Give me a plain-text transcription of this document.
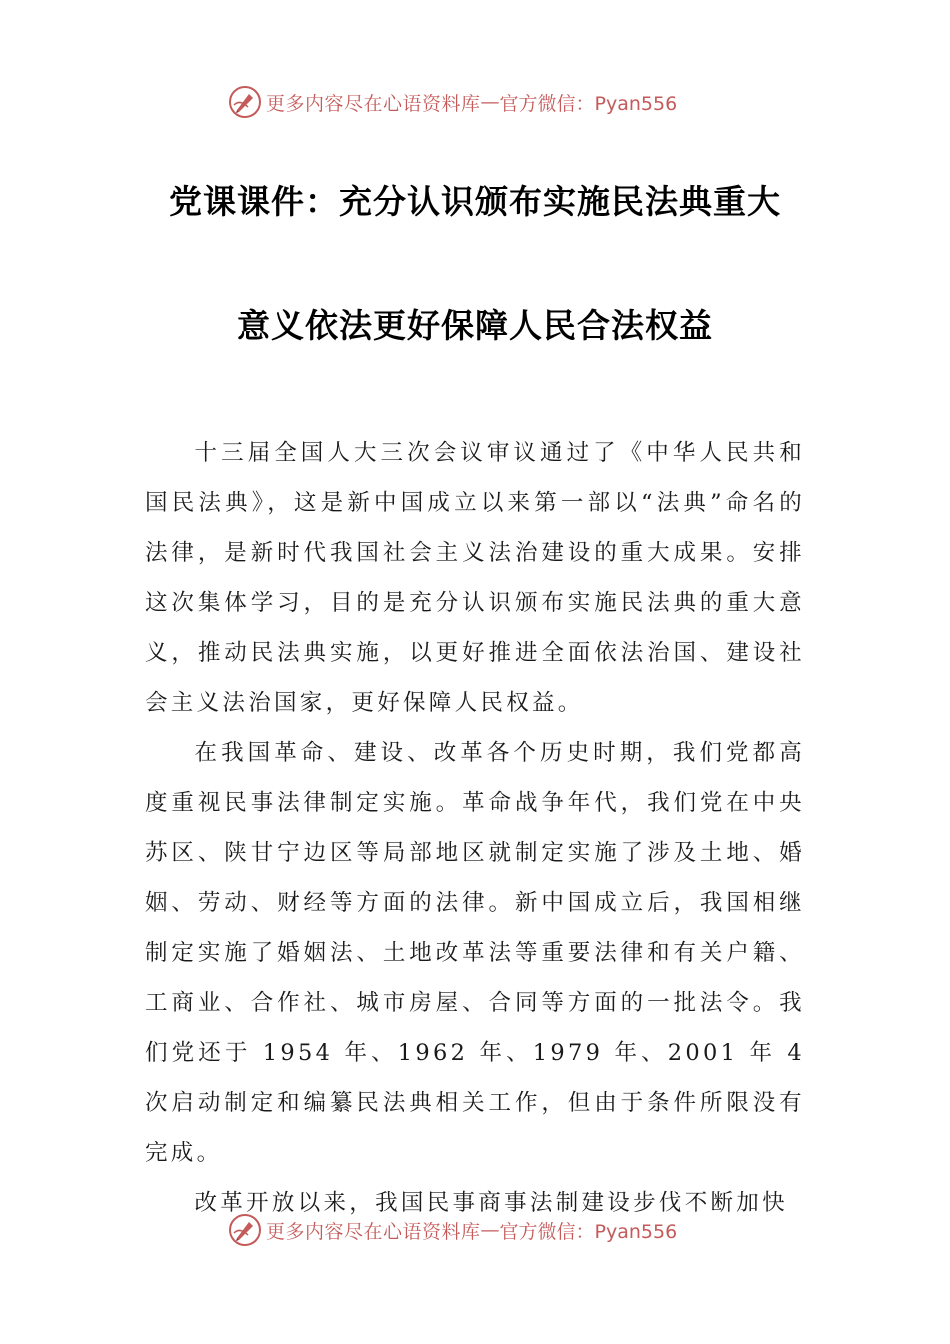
更多内容尽在心语资料库 — 官方微信：Pyan556
党课课件：充分认识颁布实施民法典重大
意义依法更好保障人民合法权益

十三届全国人大三次会议审议通过了《中华人民共和国民法典》，这是新中国成立以来第一部以“法典”命名的法律，是新时代我国社会主义法治建设的重大成果。安排这次集体学习，目的是充分认识颁布实施民法典的重大意义，推动民法典实施，以更好推进全面依法治国、建设社会主义法治国家，更好保障人民权益。

在我国革命、建设、改革各个历史时期，我们党都高度重视民事法律制定实施。革命战争年代，我们党在中央苏区、陕甘宁边区等局部地区就制定实施了涉及土地、婚姻、劳动、财经等方面的法律。新中国成立后，我国相继制定实施了婚姻法、土地改革法等重要法律和有关户籍、工商业、合作社、城市房屋、合同等方面的一批法令。我们党还于 1954 年、1962 年、1979 年、2001 年 4 次启动制定和编纂民法典相关工作，但由于条件所限没有完成。

改革开放以来，我国民事商事法制建设步伐不断加快

更多内容尽在心语资料库 — 官方微信：Pyan556
